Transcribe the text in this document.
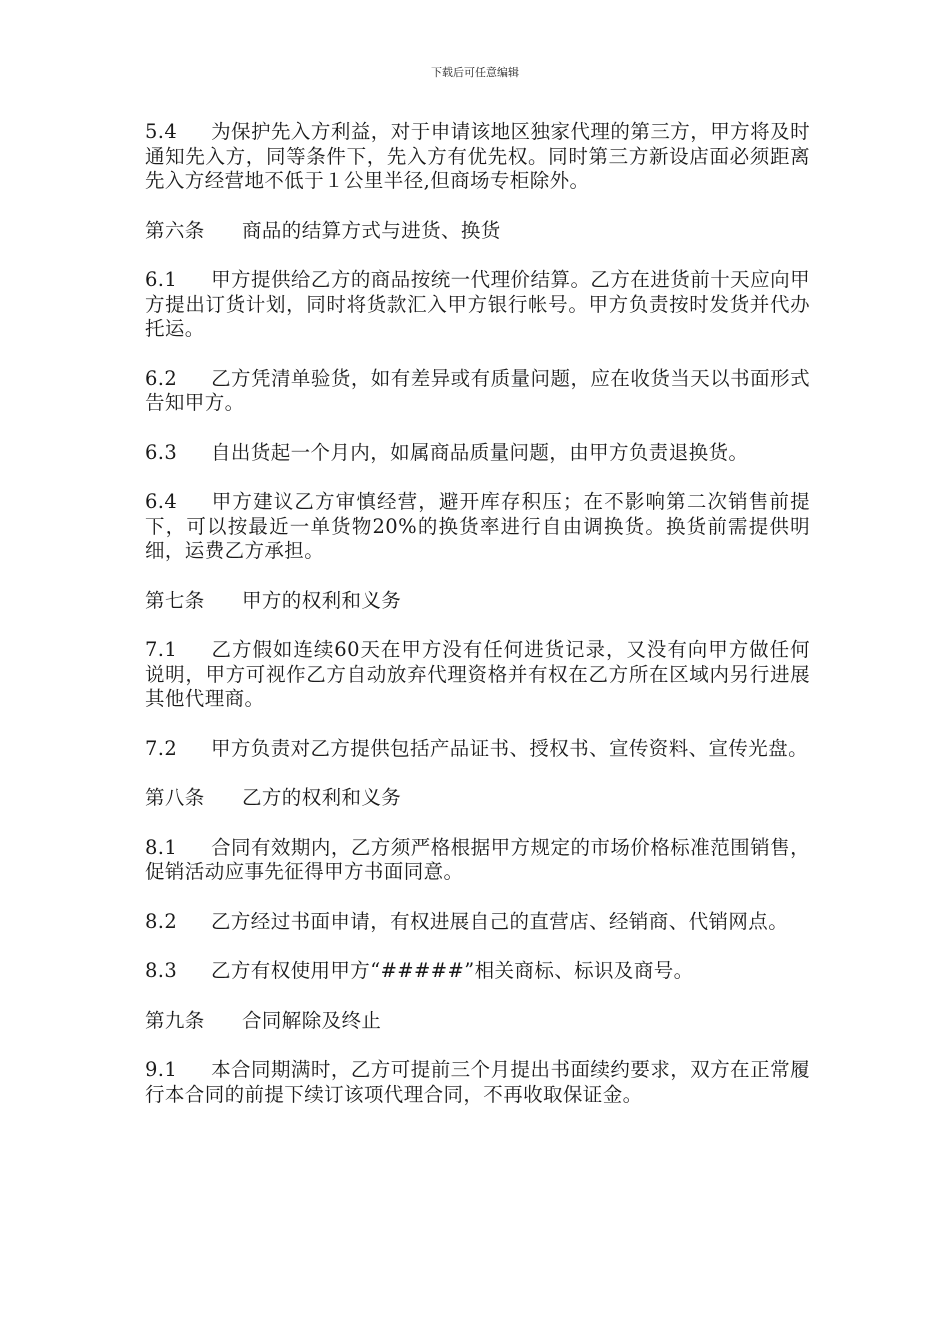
下载后可任意编辑

5.4 为保护先入方利益，对于申请该地区独家代理的第三方，甲方将及时通知先入方，同等条件下，先入方有优先权。同时第三方新设店面必须距离先入方经营地不低于１公里半径,但商场专柜除外。

第六条 商品的结算方式与进货、换货

6.1 甲方提供给乙方的商品按统一代理价结算。乙方在进货前十天应向甲方提出订货计划，同时将货款汇入甲方银行帐号。甲方负责按时发货并代办托运。

6.2 乙方凭清单验货，如有差异或有质量问题，应在收货当天以书面形式告知甲方。

6.3 自出货起一个月内，如属商品质量问题，由甲方负责退换货。

6.4 甲方建议乙方审慎经营，避开库存积压；在不影响第二次销售前提下，可以按最近一单货物20%的换货率进行自由调换货。换货前需提供明细，运费乙方承担。

第七条 甲方的权利和义务

7.1 乙方假如连续60天在甲方没有任何进货记录，又没有向甲方做任何说明，甲方可视作乙方自动放弃代理资格并有权在乙方所在区域内另行进展其他代理商。

7.2 甲方负责对乙方提供包括产品证书、授权书、宣传资料、宣传光盘。

第八条 乙方的权利和义务

8.1 合同有效期内，乙方须严格根据甲方规定的市场价格标准范围销售，促销活动应事先征得甲方书面同意。

8.2 乙方经过书面申请，有权进展自己的直营店、经销商、代销网点。

8.3 乙方有权使用甲方“#####”相关商标、标识及商号。

第九条 合同解除及终止

9.1 本合同期满时，乙方可提前三个月提出书面续约要求，双方在正常履行本合同的前提下续订该项代理合同，不再收取保证金。
